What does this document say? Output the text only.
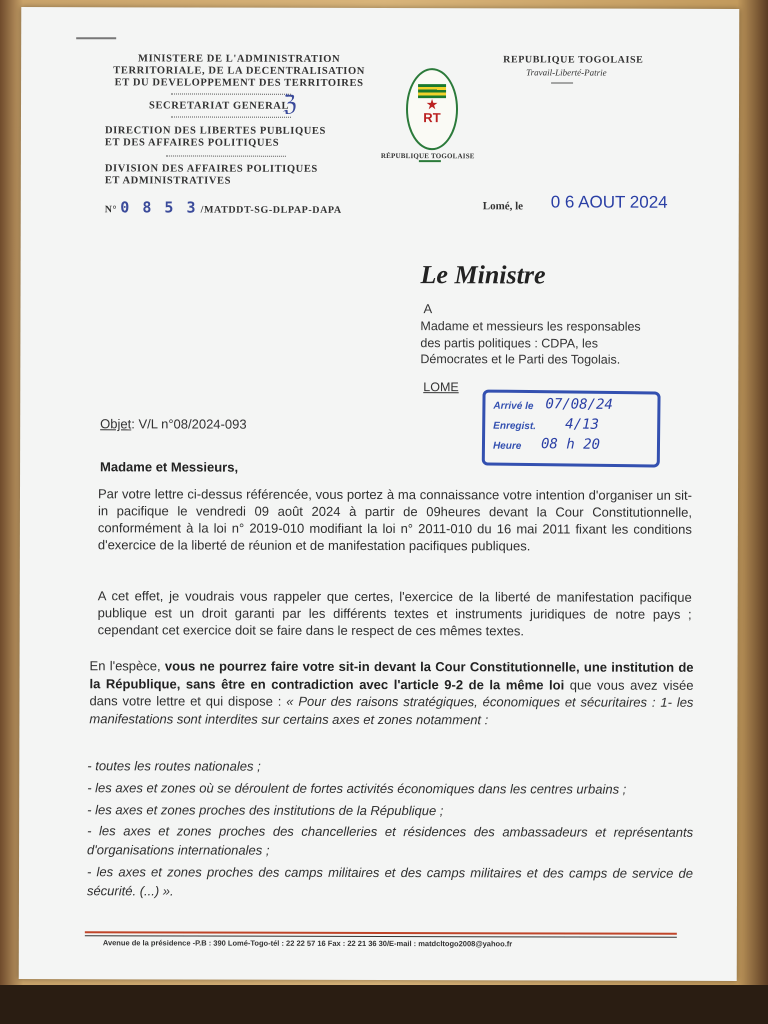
MINISTERE DE L'ADMINISTRATION
TERRITORIALE, DE LA DECENTRALISATION
ET DU DEVELOPPEMENT DES TERRITOIRES
SECRETARIAT GENERAL
ℨ
DIRECTION DES LIBERTES PUBLIQUES
ET DES AFFAIRES POLITIQUES
DIVISION DES AFFAIRES POLITIQUES
ET ADMINISTRATIVES
N° 0 8 5 3 /MATDDT-SG-DLPAP-DAPA
★
RT
RÉPUBLIQUE TOGOLAISE
REPUBLIQUE TOGOLAISE
Travail-Liberté-Patrie
Lomé, le 0 6 AOUT 2024
Le Ministre
A
Madame et messieurs les responsables
des partis politiques : CDPA, les
Démocrates et le Parti des Togolais.
LOME
Arrivé le 07/08/24
Enregist. 4/13
Heure 08 h 20
Objet: V/L n°08/2024-093
Madame et Messieurs,
Par votre lettre ci-dessus référencée, vous portez à ma connaissance votre intention d'organiser un sit-in pacifique le vendredi 09 août 2024 à partir de 09heures devant la Cour Constitutionnelle, conformément à la loi n° 2019-010 modifiant la loi n° 2011-010 du 16 mai 2011 fixant les conditions d'exercice de la liberté de réunion et de manifestation pacifiques publiques.
A cet effet, je voudrais vous rappeler que certes, l'exercice de la liberté de manifestation pacifique publique est un droit garanti par les différents textes et instruments juridiques de notre pays ; cependant cet exercice doit se faire dans le respect de ces mêmes textes.
En l'espèce, vous ne pourrez faire votre sit-in devant la Cour Constitutionnelle, une institution de la République, sans être en contradiction avec l'article 9-2 de la même loi que vous avez visée dans votre lettre et qui dispose : « Pour des raisons stratégiques, économiques et sécuritaires : 1- les manifestations sont interdites sur certains axes et zones notamment :
- toutes les routes nationales ;
- les axes et zones où se déroulent de fortes activités économiques dans les centres urbains ;
- les axes et zones proches des institutions de la République ;
- les axes et zones proches des chancelleries et résidences des ambassadeurs et représentants d'organisations internationales ;
- les axes et zones proches des camps militaires et des camps militaires et des camps de service de sécurité. (...) ».
Avenue de la présidence -P.B : 390 Lomé-Togo-tél : 22 22 57 16 Fax : 22 21 36 30/E-mail : matdcltogo2008@yahoo.fr
